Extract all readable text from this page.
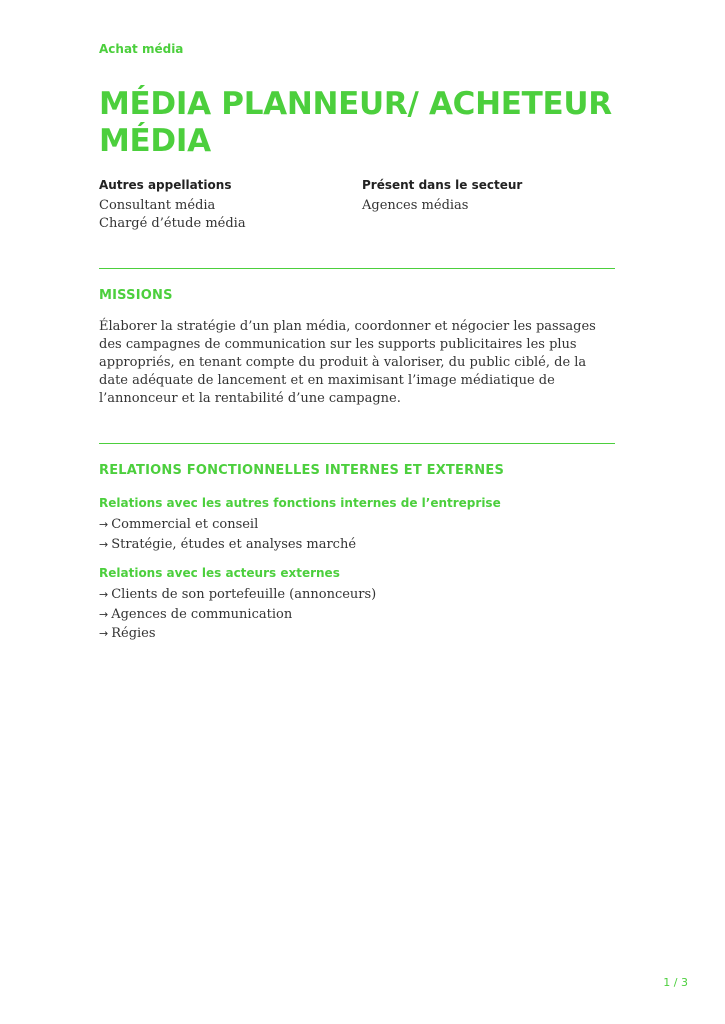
Achat média
MÉDIA PLANNEUR/ ACHETEUR MÉDIA
Autres appellations
Consultant média
Chargé d’étude média
Présent dans le secteur
Agences médias
MISSIONS

Élaborer la stratégie d’un plan média, coordonner et négocier les passages des campagnes de communication sur les supports publicitaires les plus appropriés, en tenant compte du produit à valoriser, du public ciblé, de la date adéquate de lancement et en maximisant l’image médiatique de l’annonceur et la rentabilité d’une campagne.

RELATIONS FONCTIONNELLES INTERNES ET EXTERNES
Relations avec les autres fonctions internes de l’entreprise
→ Commercial et conseil
→ Stratégie, études et analyses marché
Relations avec les acteurs externes
→ Clients de son portefeuille (annonceurs)
→ Agences de communication
→ Régies
1 / 3
